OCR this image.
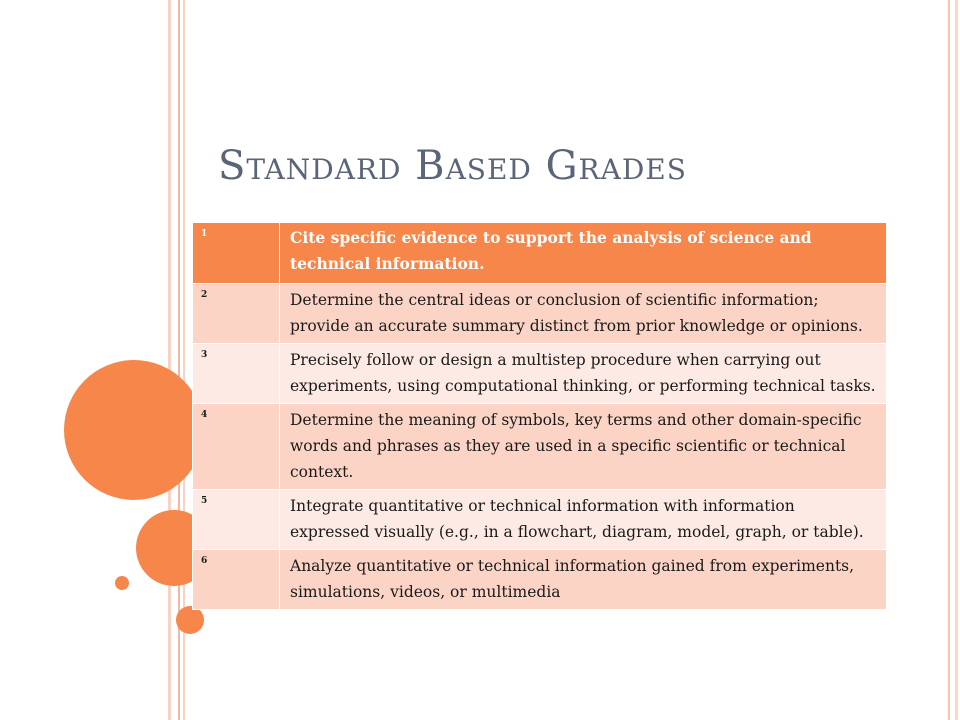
Standard Based Grades
1	Cite specific evidence to support the analysis of science and technical information.
2	Determine the central ideas or conclusion of scientific information; provide an accurate summary distinct from prior knowledge or opinions.
3	Precisely follow or design a multistep procedure when carrying out experiments, using computational thinking, or performing technical tasks.
4	Determine the meaning of symbols, key terms and other domain-specific words and phrases as they are used in a specific scientific or technical context.
5	Integrate quantitative or technical information with information expressed visually (e.g., in a flowchart, diagram, model, graph, or table).
6	Analyze quantitative or technical information gained from experiments, simulations, videos, or multimedia
